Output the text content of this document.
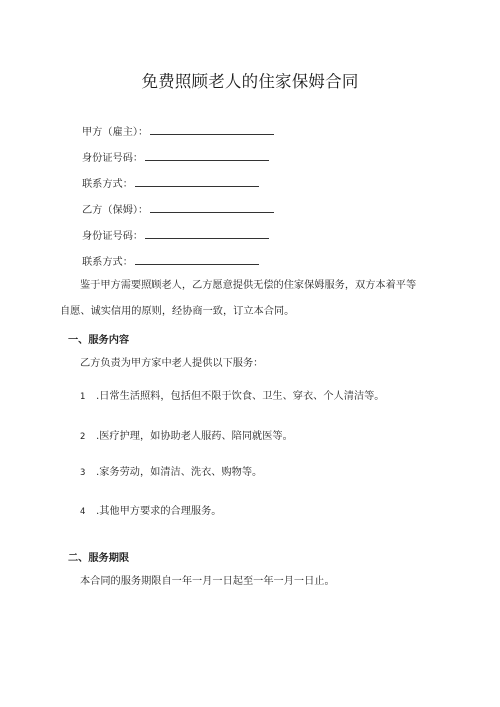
免费照顾老人的住家保姆合同
甲方（雇主）：
身份证号码：
联系方式：
乙方（保姆）：
身份证号码：
联系方式：
鉴于甲方需要照顾老人，乙方愿意提供无偿的住家保姆服务，双方本着平等
自愿、诚实信用的原则，经协商一致，订立本合同。
一、服务内容
乙方负责为甲方家中老人提供以下服务：
1 .日常生活照料，包括但不限于饮食、卫生、穿衣、个人清洁等。
2 .医疗护理，如协助老人服药、陪同就医等。
3 .家务劳动，如清洁、洗衣、购物等。
4 .其他甲方要求的合理服务。
二、服务期限
本合同的服务期限自一年一月一日起至一年一月一日止。
